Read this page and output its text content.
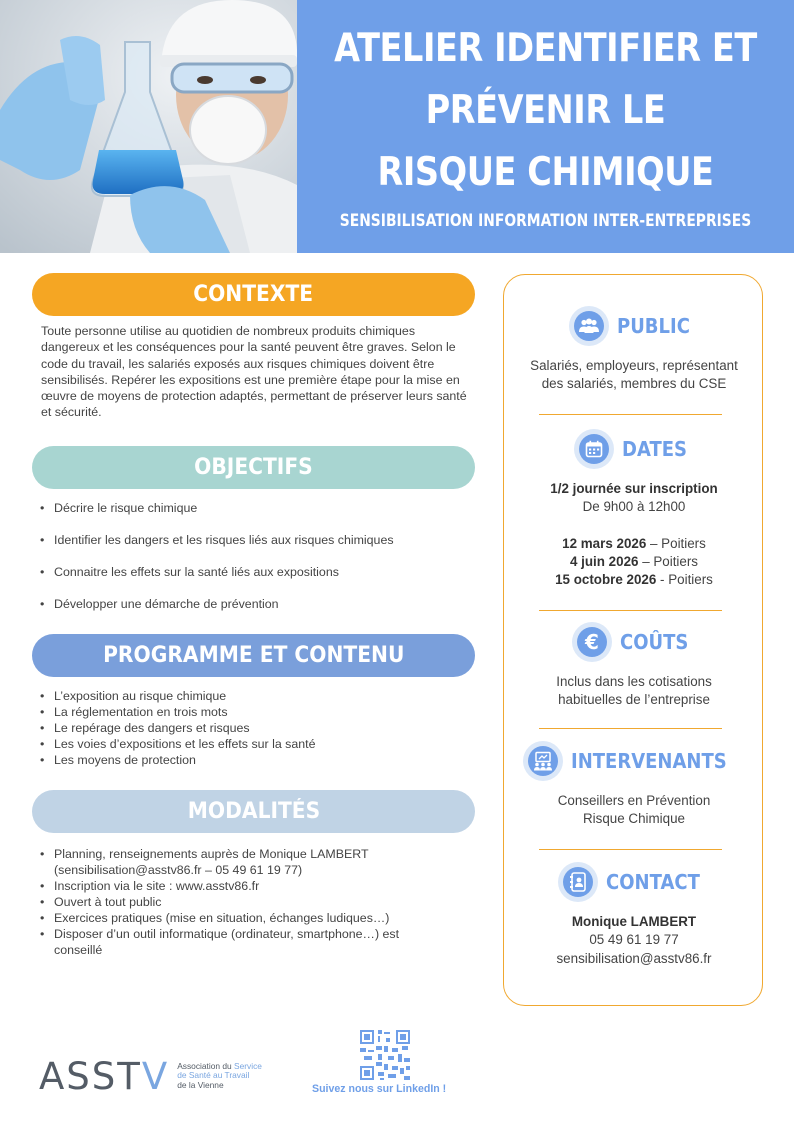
ATELIER IDENTIFIER ET
PRÉVENIR LE
RISQUE CHIMIQUE
SENSIBILISATION INFORMATION INTER-ENTREPRISES
CONTEXTE

Toute personne utilise au quotidien de nombreux produits chimiques dangereux et les conséquences pour la santé peuvent être graves. Selon le code du travail, les salariés exposés aux risques chimiques doivent être sensibilisés. Repérer les expositions est une première étape pour la mise en œuvre de moyens de protection adaptés, permettant de préserver leurs santé et sécurité.

OBJECTIFS
• Décrire le risque chimique
• Identifier les dangers et les risques liés aux risques chimiques
• Connaitre les effets sur la santé liés aux expositions
• Développer une démarche de prévention
PROGRAMME ET CONTENU
• L’exposition au risque chimique
• La réglementation en trois mots
• Le repérage des dangers et risques
• Les voies d’expositions et les effets sur la santé
• Les moyens de protection
MODALITÉS
• Planning, renseignements auprès de Monique LAMBERT
(sensibilisation@asstv86.fr – 05 49 61 19 77)
• Inscription via le site : www.asstv86.fr
• Ouvert à tout public
• Exercices pratiques (mise en situation, échanges ludiques…)
• Disposer d’un outil informatique (ordinateur, smartphone…) est
conseillé
PUBLIC
Salariés, employeurs, représentant
des salariés, membres du CSE
DATES
1/2 journée sur inscription
De 9h00 à 12h00
12 mars 2026 – Poitiers
4 juin 2026 – Poitiers
15 octobre 2026 - Poitiers
€ COÛTS
Inclus dans les cotisations
habituelles de l’entreprise
INTERVENANTS
Conseillers en Prévention
Risque Chimique
CONTACT
Monique LAMBERT
05 49 61 19 77
sensibilisation@asstv86.fr
ASSTV Association du Service
de Santé au Travail
de la Vienne	Suivez nous sur LinkedIn !
